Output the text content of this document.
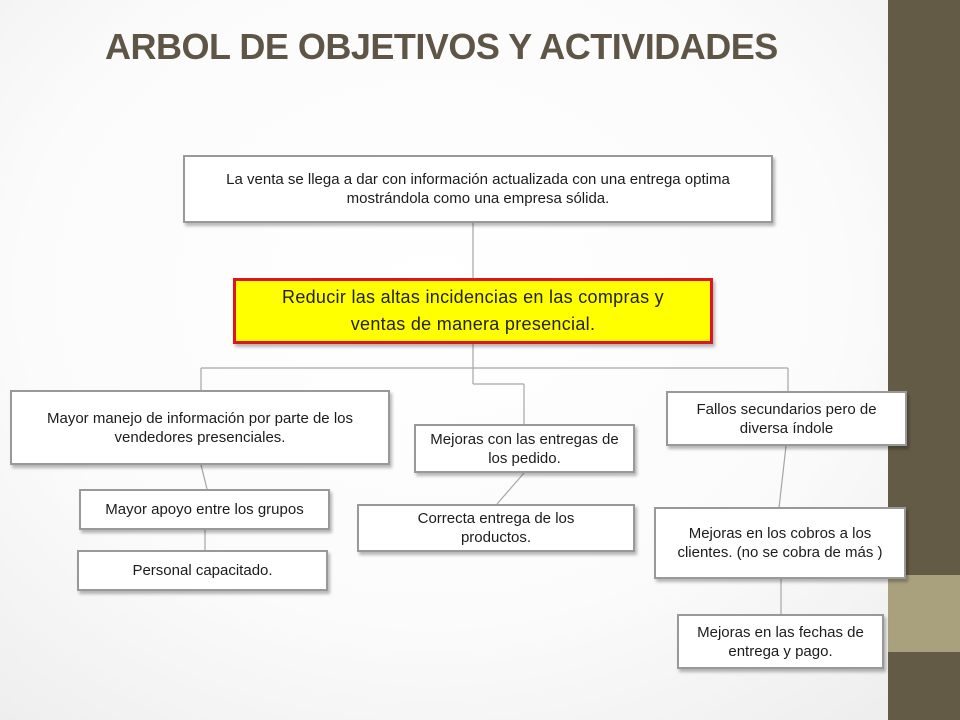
ARBOL DE OBJETIVOS Y ACTIVIDADES
La venta se llega a dar con información actualizada con una entrega optima mostrándola como una empresa sólida.
Reducir las altas incidencias en las compras y ventas de manera presencial.
Mayor manejo de información por parte de los vendedores presenciales.	Mejoras con las entregas de los pedido.
Fallos secundarios pero de diversa índole
Mayor apoyo entre los grupos
Personal capacitado.
Correcta entrega de los productos.	Mejoras en los cobros a los clientes. (no se cobra de más )
Mejoras en las fechas de entrega y pago.
